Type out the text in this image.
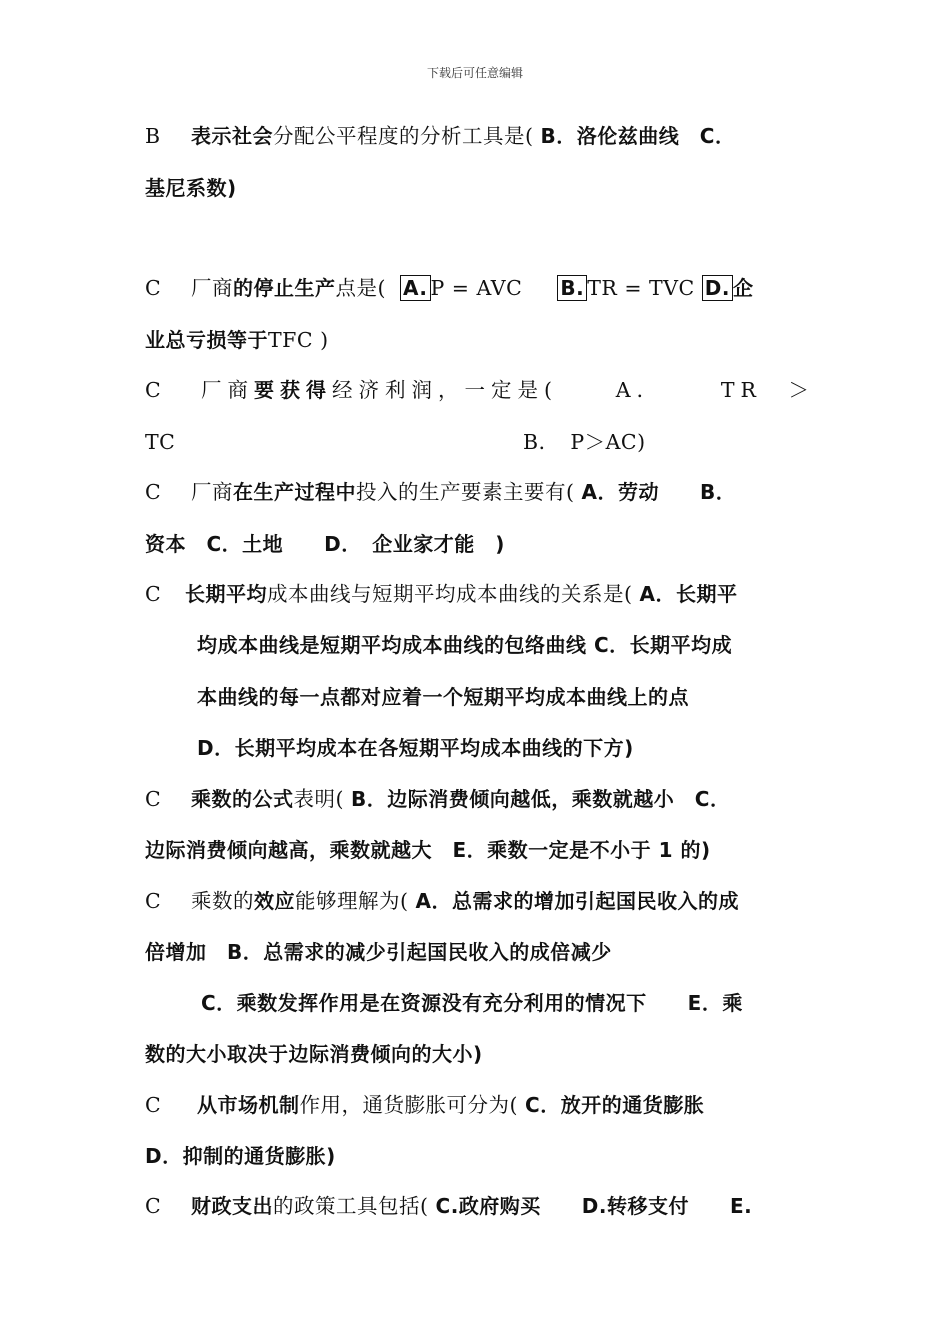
下载后可任意编辑
B 表示社会分配公平程度的分析工具是( B．洛伦兹曲线　C．
基尼系数)
C 厂商的停止生产点是( A. P = AVC B. TR = TVC D. 企
业总亏损等于TFC )
C 厂商要获得经济利润，一定是(	A．	TR　＞
TC	B．　P＞AC)
C 厂商在生产过程中投入的生产要素主要有( A．劳动　　B．
资本　C．土地　　D．　企业家才能　)
C 长期平均成本曲线与短期平均成本曲线的关系是( A．长期平
均成本曲线是短期平均成本曲线的包络曲线 C．长期平均成
本曲线的每一点都对应着一个短期平均成本曲线上的点
D．长期平均成本在各短期平均成本曲线的下方)
C 乘数的公式表明( B．边际消费倾向越低，乘数就越小　C．
边际消费倾向越高，乘数就越大　E．乘数一定是不小于 1 的)
C 乘数的效应能够理解为( A．总需求的增加引起国民收入的成
倍增加　B．总需求的减少引起国民收入的成倍减少
C．乘数发挥作用是在资源没有充分利用的情况下　　E．乘
数的大小取决于边际消费倾向的大小)
C 从市场机制作用，通货膨胀可分为( C．放开的通货膨胀
D．抑制的通货膨胀)
C 财政支出的政策工具包括( C.政府购买　　D.转移支付　　E.
